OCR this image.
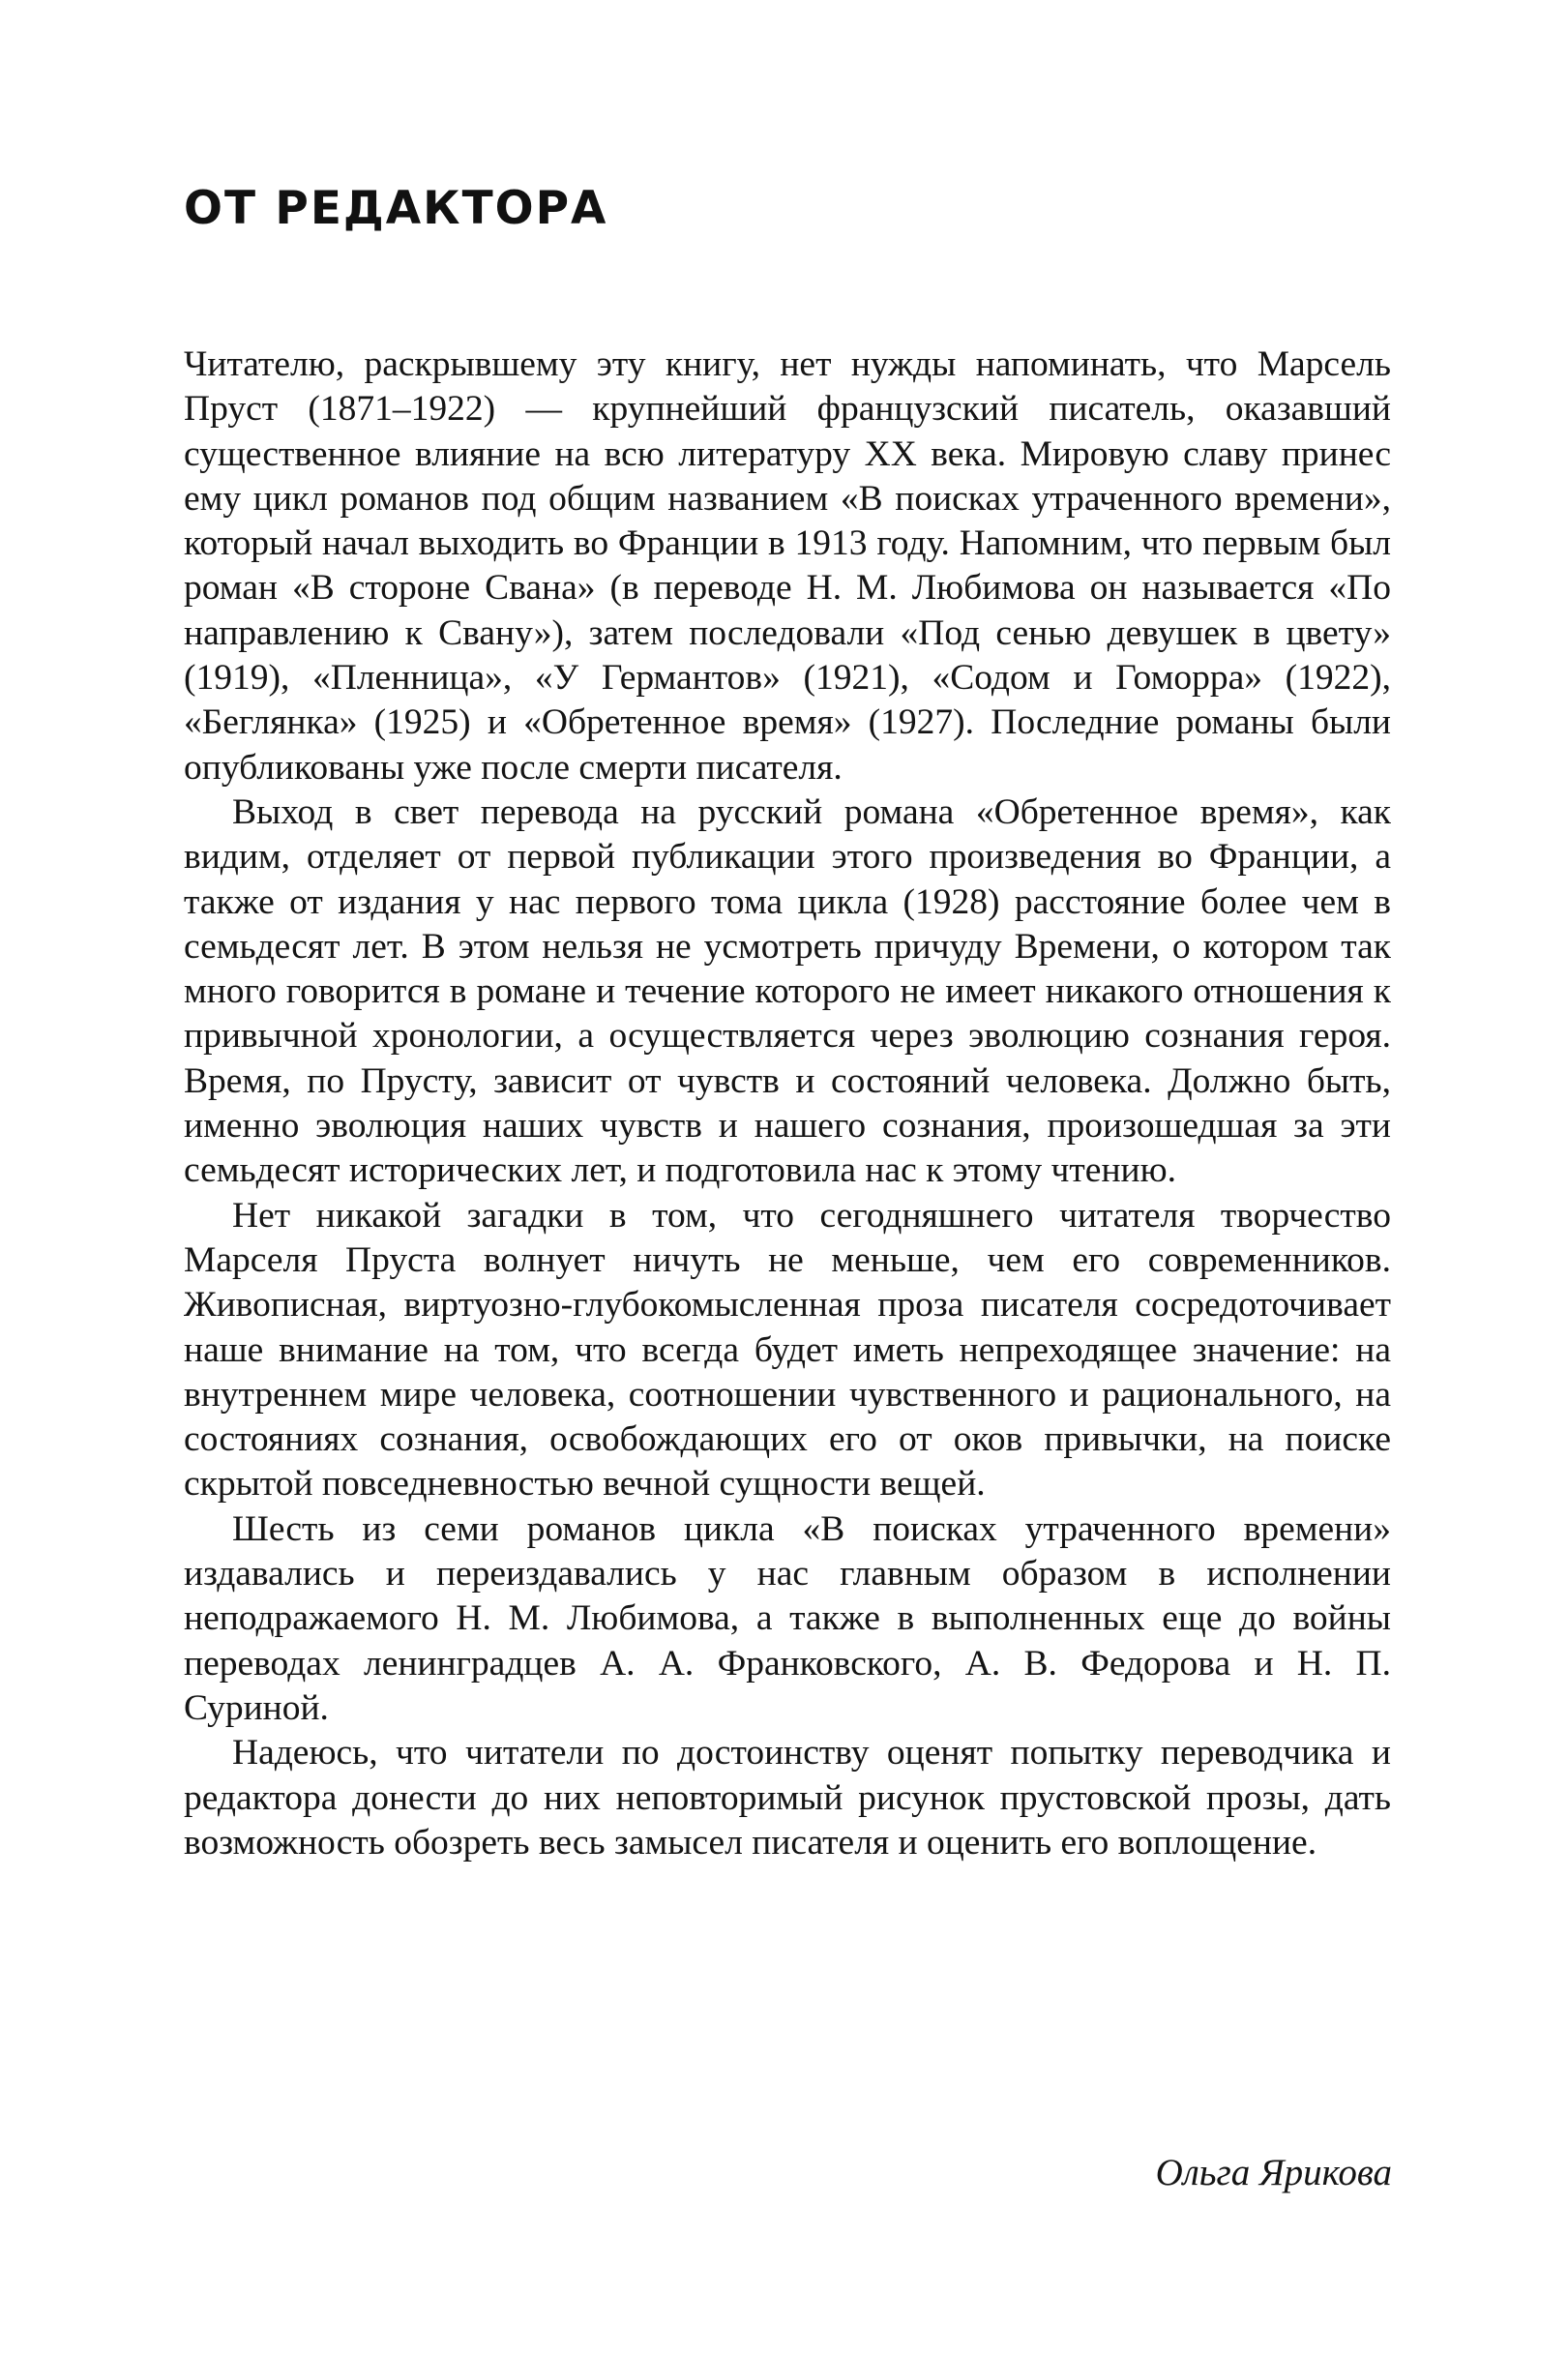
ОТ РЕДАКТОРА

Читателю, раскрывшему эту книгу, нет нужды напоминать, что Марсель Пруст (1871–1922) — крупнейший французский писатель, оказавший существенное влияние на всю литературу XX века. Мировую славу принес ему цикл романов под общим названием «В поисках утраченного времени», который начал выходить во Франции в 1913 году. Напомним, что первым был роман «В стороне Свана» (в переводе Н. М. Любимова он называется «По направлению к Свану»), затем последовали «Под сенью девушек в цвету» (1919), «Пленница», «У Германтов» (1921), «Содом и Гоморра» (1922), «Беглянка» (1925) и «Обретенное время» (1927). Последние романы были опубликованы уже после смерти писателя.

Выход в свет перевода на русский романа «Обретенное время», как видим, отделяет от первой публикации этого произведения во Франции, а также от издания у нас первого тома цикла (1928) расстояние более чем в семьдесят лет. В этом нельзя не усмотреть причуду Времени, о котором так много говорится в романе и течение которого не имеет никакого отношения к привычной хронологии, а осуществляется через эволюцию сознания героя. Время, по Прусту, зависит от чувств и состояний человека. Должно быть, именно эволюция наших чувств и нашего сознания, произошедшая за эти семьдесят исторических лет, и подготовила нас к этому чтению.

Нет никакой загадки в том, что сегодняшнего читателя творчество Марселя Пруста волнует ничуть не меньше, чем его современников. Живописная, виртуозно-глубокомысленная проза писателя сосредоточивает наше внимание на том, что всегда будет иметь непреходящее значение: на внутреннем мире человека, соотношении чувственного и рационального, на состояниях сознания, освобождающих его от оков привычки, на поиске скрытой повседневностью вечной сущности вещей.

Шесть из семи романов цикла «В поисках утраченного времени» издавались и переиздавались у нас главным образом в исполнении неподражаемого Н. М. Любимова, а также в выполненных еще до войны переводах ленинградцев А. А. Франковского, А. В. Федорова и Н. П. Суриной.

Надеюсь, что читатели по достоинству оценят попытку переводчика и редактора донести до них неповторимый рисунок прустовской прозы, дать возможность обозреть весь замысел писателя и оценить его воплощение.

Ольга Ярикова
